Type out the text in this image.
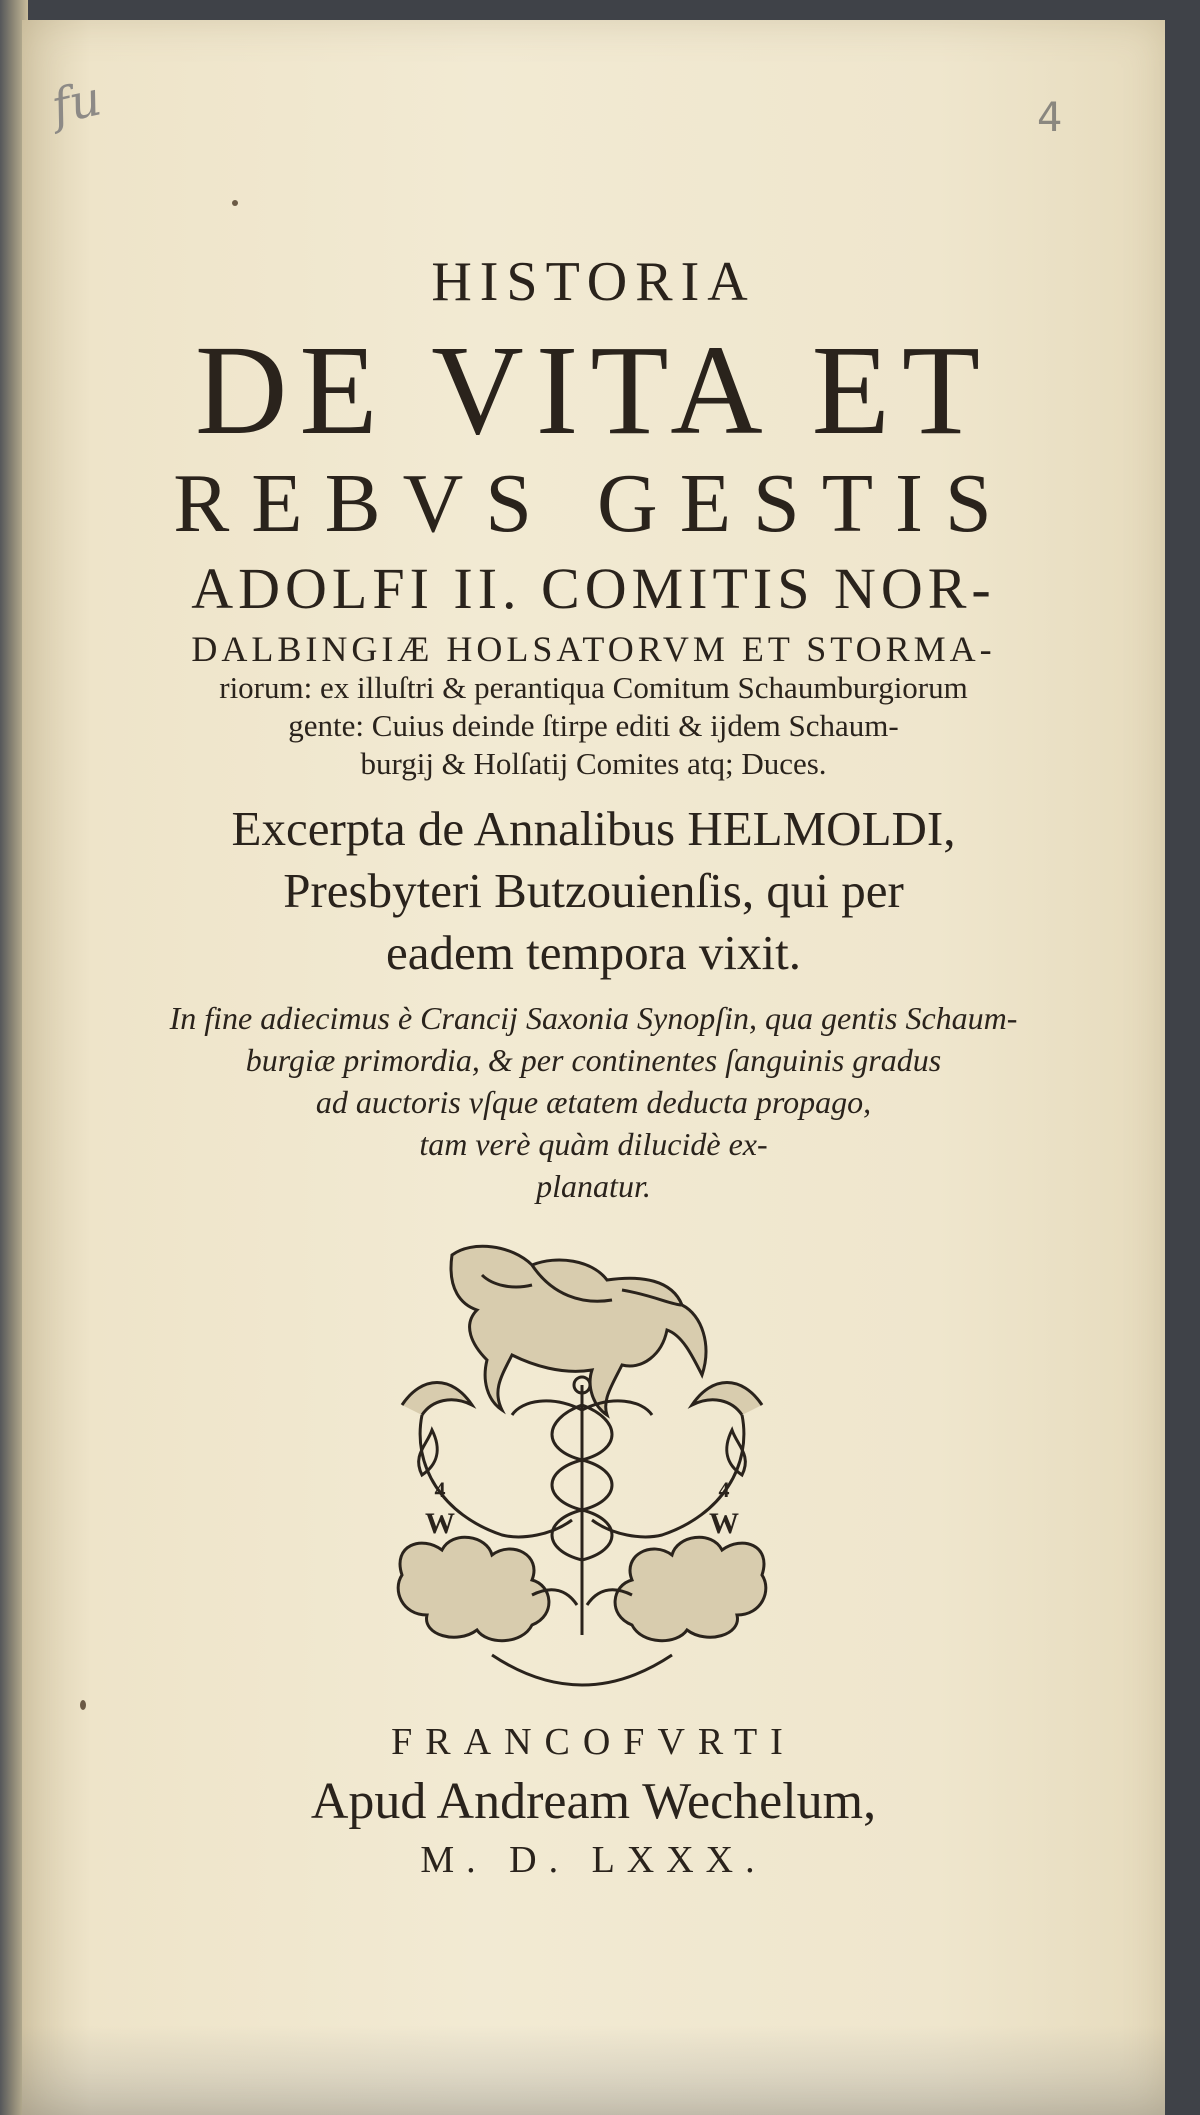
fu	4
HISTORIA
DE VITA ET
REBVS GESTIS
ADOLFI II. COMITIS NOR-
DALBINGIÆ HOLSATORVM ET STORMA-
riorum: ex illuſtri & perantiqua Comitum Schaumburgiorum
gente: Cuius deinde ſtirpe editi & ijdem Schaum-
burgij & Holſatij Comites atq; Duces.
Excerpta de Annalibus HELMOLDI,
Presbyteri Butzouienſis, qui per
eadem tempora vixit.
In fine adiecimus è Crancij Saxonia Synopſin, qua gentis Schaum-
burgiæ primordia, & per continentes ſanguinis gradus
ad auctoris vſque ætatem deducta propago,
tam verè quàm dilucidè ex-
planatur.
4
W
4
W
FRANCOFVRTI
Apud Andream Wechelum,
M. D. LXXX.
